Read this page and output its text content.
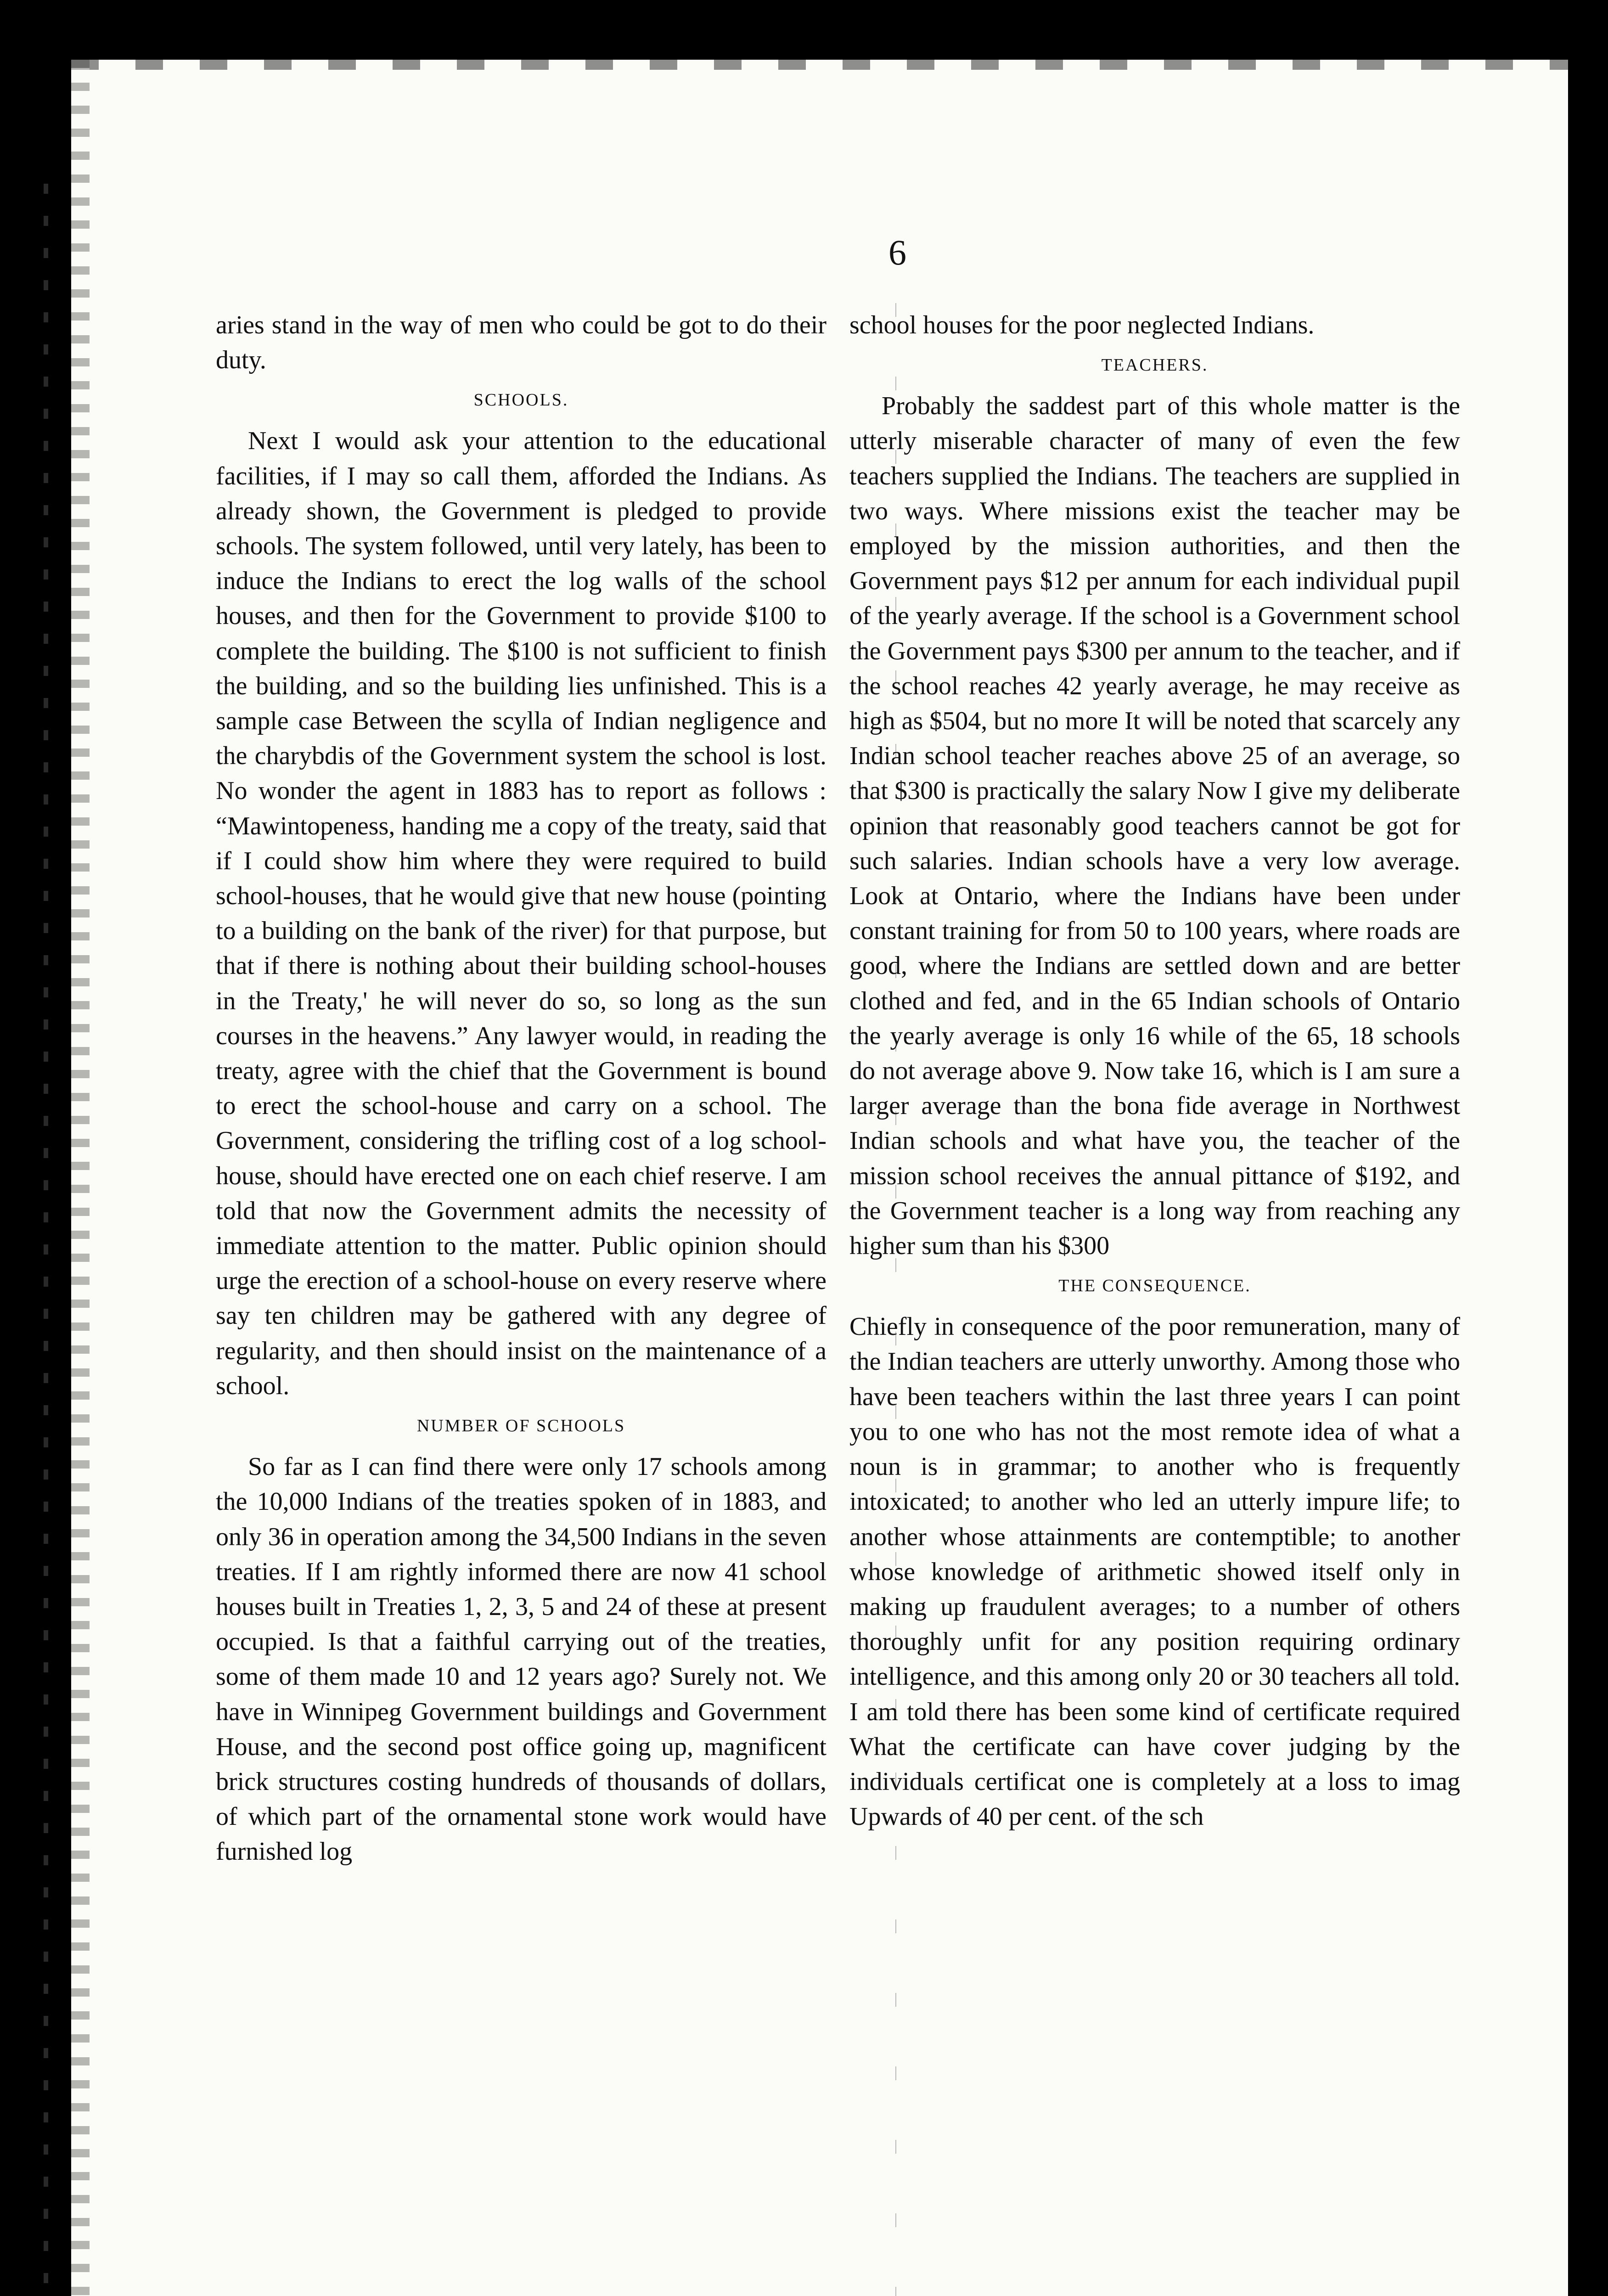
6

aries stand in the way of men who could be got to do their duty.

SCHOOLS.

Next I would ask your attention to the educational facilities, if I may so call them, afforded the Indians. As already shown, the Government is pledged to provide schools. The system followed, until very lately, has been to induce the Indians to erect the log walls of the school houses, and then for the Government to provide $100 to complete the building. The $100 is not sufficient to finish the building, and so the building lies unfinished. This is a sample case Between the scylla of Indian negligence and the charybdis of the Government system the school is lost. No wonder the agent in 1883 has to report as follows : “Mawintopeness, handing me a copy of the treaty, said that if I could show him where they were required to build school-houses, that he would give that new house (pointing to a building on the bank of the river) for that purpose, but that if there is nothing about their building school-houses in the Treaty,' he will never do so, so long as the sun courses in the heavens.” Any lawyer would, in reading the treaty, agree with the chief that the Government is bound to erect the school-house and carry on a school. The Government, considering the trifling cost of a log school-house, should have erected one on each chief reserve. I am told that now the Government admits the necessity of immediate attention to the matter. Public opinion should urge the erection of a school-house on every reserve where say ten children may be gathered with any degree of regularity, and then should insist on the maintenance of a school.

NUMBER OF SCHOOLS

So far as I can find there were only 17 schools among the 10,000 Indians of the treaties spoken of in 1883, and only 36 in operation among the 34,500 Indians in the seven treaties. If I am rightly informed there are now 41 school houses built in Treaties 1, 2, 3, 5 and 24 of these at present occupied. Is that a faithful carrying out of the treaties, some of them made 10 and 12 years ago? Surely not. We have in Winnipeg Government buildings and Government House, and the second post office going up, magnificent brick structures costing hundreds of thousands of dollars, of which part of the ornamental stone work would have furnished log

school houses for the poor neglected Indians.

TEACHERS.

Probably the saddest part of this whole matter is the utterly miserable character of many of even the few teachers supplied the Indians. The teachers are supplied in two ways. Where missions exist the teacher may be employed by the mission authorities, and then the Government pays $12 per annum for each individual pupil of the yearly average. If the school is a Government school the Government pays $300 per annum to the teacher, and if the school reaches 42 yearly average, he may receive as high as $504, but no more It will be noted that scarcely any Indian school teacher reaches above 25 of an average, so that $300 is practically the salary Now I give my deliberate opinion that reasonably good teachers cannot be got for such salaries. Indian schools have a very low average. Look at Ontario, where the Indians have been under constant training for from 50 to 100 years, where roads are good, where the Indians are settled down and are better clothed and fed, and in the 65 Indian schools of Ontario the yearly average is only 16 while of the 65, 18 schools do not average above 9. Now take 16, which is I am sure a larger average than the bona fide average in Northwest Indian schools and what have you, the teacher of the mission school receives the annual pittance of $192, and the Government teacher is a long way from reaching any higher sum than his $300

THE CONSEQUENCE.

Chiefly in consequence of the poor remuneration, many of the Indian teachers are utterly unworthy. Among those who have been teachers within the last three years I can point you to one who has not the most remote idea of what a noun is in grammar; to another who is frequently intoxicated; to another who led an utterly impure life; to another whose attainments are contemptible; to another whose knowledge of arithmetic showed itself only in making up fraudulent averages; to a number of others thoroughly unfit for any position requiring ordinary intelligence, and this among only 20 or 30 teachers all told. I am told there has been some kind of certificate required What the certificate can have cover judging by the individuals certificat one is completely at a loss to imag Upwards of 40 per cent. of the sch
